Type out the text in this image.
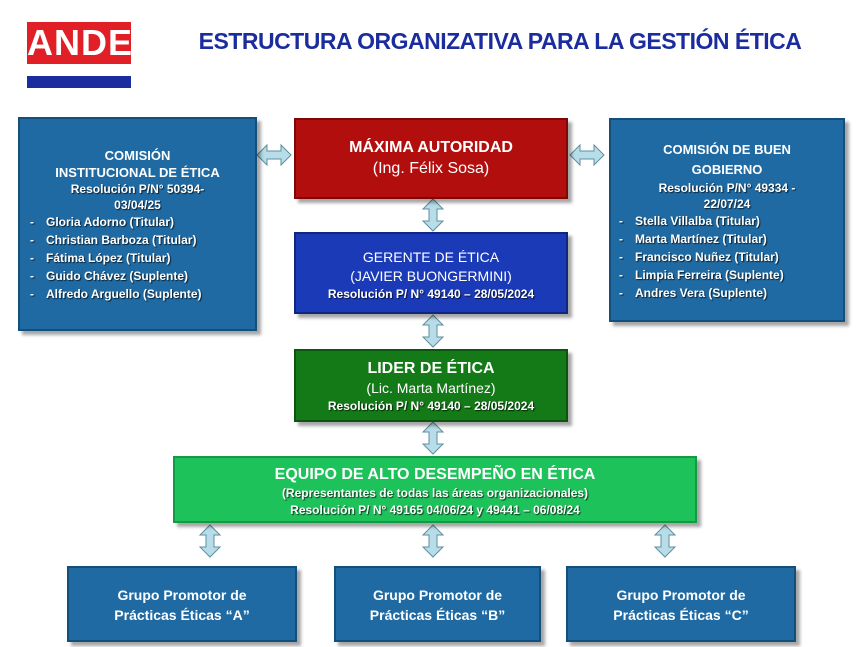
ANDE	ESTRUCTURA ORGANIZATIVA PARA LA GESTIÓN ÉTICA
COMISIÓN
INSTITUCIONAL DE ÉTICA
Resolución P/N° 50394-
03/04/25
- Gloria Adorno (Titular)
- Christian Barboza (Titular)
- Fátima López (Titular)
- Guido Chávez (Suplente)
- Alfredo Arguello (Suplente)
MÁXIMA AUTORIDAD
(Ing. Félix Sosa)
COMISIÓN DE BUEN
GOBIERNO
Resolución P/N° 49334 -
22/07/24
- Stella Villalba (Titular)
- Marta Martínez (Titular)
- Francisco Nuñez (Titular)
- Limpia Ferreira (Suplente)
- Andres Vera (Suplente)
GERENTE DE ÉTICA
(JAVIER BUONGERMINI)
Resolución P/ N° 49140 – 28/05/2024
LIDER DE ÉTICA
(Lic. Marta Martínez)
Resolución P/ N° 49140 – 28/05/2024
EQUIPO DE ALTO DESEMPEÑO EN ÉTICA
(Representantes de todas las áreas organizacionales)
Resolución P/ N° 49165 04/06/24 y 49441 – 06/08/24
Grupo Promotor de
Prácticas Éticas “A”
Grupo Promotor de
Prácticas Éticas “B”
Grupo Promotor de
Prácticas Éticas “C”
